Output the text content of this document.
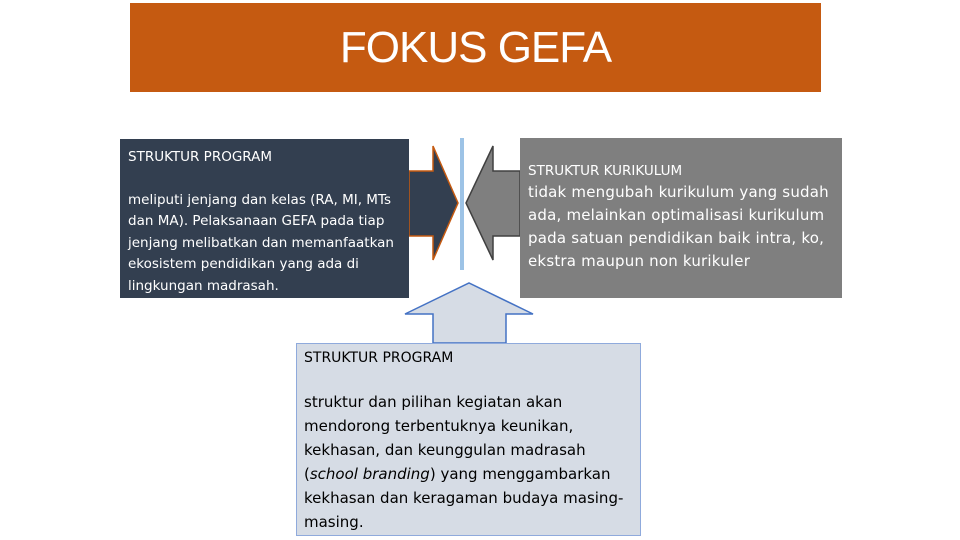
FOKUS GEFA
STRUKTUR PROGRAM
meliputi jenjang dan kelas (RA, MI, MTs dan MA). Pelaksanaan GEFA pada tiap jenjang melibatkan dan memanfaatkan ekosistem pendidikan yang ada di lingkungan madrasah.
STRUKTUR KURIKULUM
tidak mengubah kurikulum yang sudah ada, melainkan optimalisasi kurikulum pada satuan pendidikan baik intra, ko, ekstra maupun non kurikuler
STRUKTUR PROGRAM
struktur dan pilihan kegiatan akan mendorong terbentuknya keunikan, kekhasan, dan keunggulan madrasah (school branding) yang menggambarkan kekhasan dan keragaman budaya masing-masing.
